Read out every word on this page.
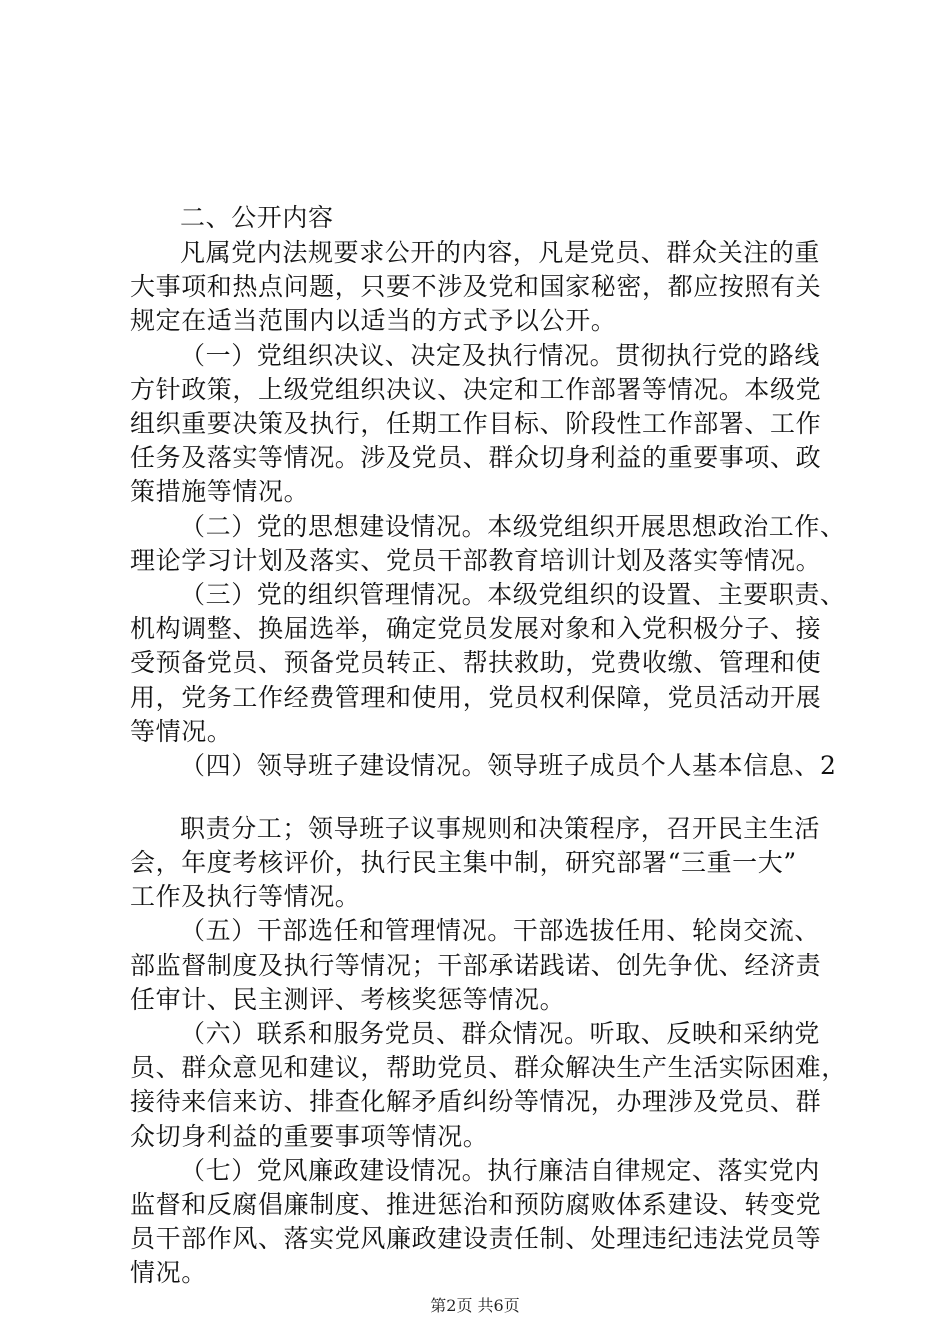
二、公开内容
凡属党内法规要求公开的内容，凡是党员、群众关注的重
大事项和热点问题，只要不涉及党和国家秘密，都应按照有关
规定在适当范围内以适当的方式予以公开。
（一）党组织决议、决定及执行情况。贯彻执行党的路线
方针政策，上级党组织决议、决定和工作部署等情况。本级党
组织重要决策及执行，任期工作目标、阶段性工作部署、工作
任务及落实等情况。涉及党员、群众切身利益的重要事项、政
策措施等情况。
（二）党的思想建设情况。本级党组织开展思想政治工作、
理论学习计划及落实、党员干部教育培训计划及落实等情况。
（三）党的组织管理情况。本级党组织的设置、主要职责、
机构调整、换届选举，确定党员发展对象和入党积极分子、接
受预备党员、预备党员转正、帮扶救助，党费收缴、管理和使
用，党务工作经费管理和使用，党员权利保障，党员活动开展
等情况。
（四）领导班子建设情况。领导班子成员个人基本信息、2
职责分工；领导班子议事规则和决策程序，召开民主生活
会，年度考核评价，执行民主集中制，研究部署“三重一大”
工作及执行等情况。
（五）干部选任和管理情况。干部选拔任用、轮岗交流、
部监督制度及执行等情况；干部承诺践诺、创先争优、经济责
任审计、民主测评、考核奖惩等情况。
（六）联系和服务党员、群众情况。听取、反映和采纳党
员、群众意见和建议，帮助党员、群众解决生产生活实际困难，
接待来信来访、排查化解矛盾纠纷等情况，办理涉及党员、群
众切身利益的重要事项等情况。
（七）党风廉政建设情况。执行廉洁自律规定、落实党内
监督和反腐倡廉制度、推进惩治和预防腐败体系建设、转变党
员干部作风、落实党风廉政建设责任制、处理违纪违法党员等
情况。
第2页 共6页
